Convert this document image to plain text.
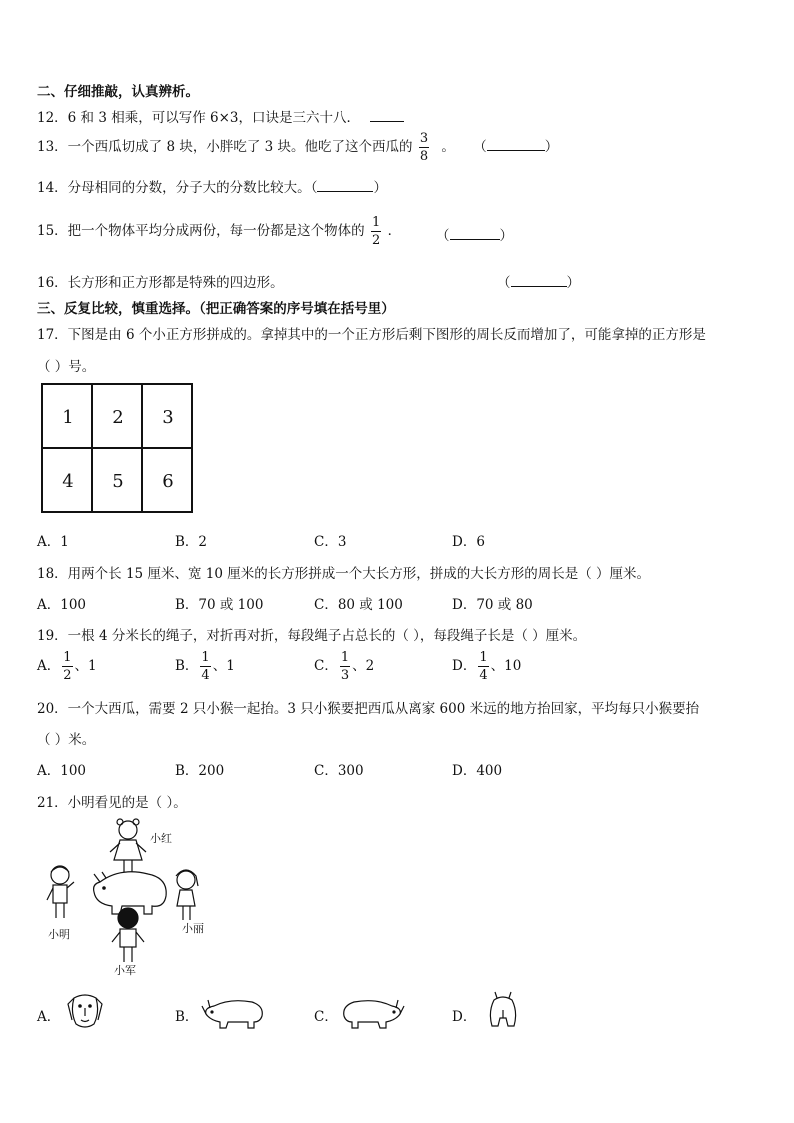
二、仔细推敲，认真辨析。
12．6 和 3 相乘，可以写作 6×3，口诀是三六十八．
13．一个西瓜切成了 8 块，小胖吃了 3 块。他吃了这个西瓜的 $\frac{3}{8}$ 。 （	）
14．分母相同的分数，分子大的分数比较大。（	）
15．把一个物体平均分成两份，每一份都是这个物体的 $\frac{1}{2}$ ．	（	）
16．长方形和正方形都是特殊的四边形。	（	）
三、反复比较，慎重选择。（把正确答案的序号填在括号里）
17．下图是由 6 个小正方形拼成的。拿掉其中的一个正方形后剩下图形的周长反而增加了，可能拿掉的正方形是
（ ）号。
1	2	3
4	5	6
A．1	B．2	C．3	D．6
18．用两个长 15 厘米、宽 10 厘米的长方形拼成一个大长方形，拼成的大长方形的周长是（ ）厘米。
A．100	B．70 或 100	C．80 或 100	D．70 或 80
19．一根 4 分米长的绳子，对折再对折，每段绳子占总长的（ ），每段绳子长是（ ）厘米。
A． $\frac{1}{2}$ 、1	B． $\frac{1}{4}$ 、1	C． $\frac{1}{3}$ 、2	D． $\frac{1}{4}$ 、10
20．一个大西瓜，需要 2 只小猴一起抬。3 只小猴要把西瓜从离家 600 米远的地方抬回家，平均每只小猴要抬
（ ）米。
A．100	B．200	C．300	D．400
21．小明看见的是（ ）。
小红
小明	小丽
小军
A．	B．	C．	D．
